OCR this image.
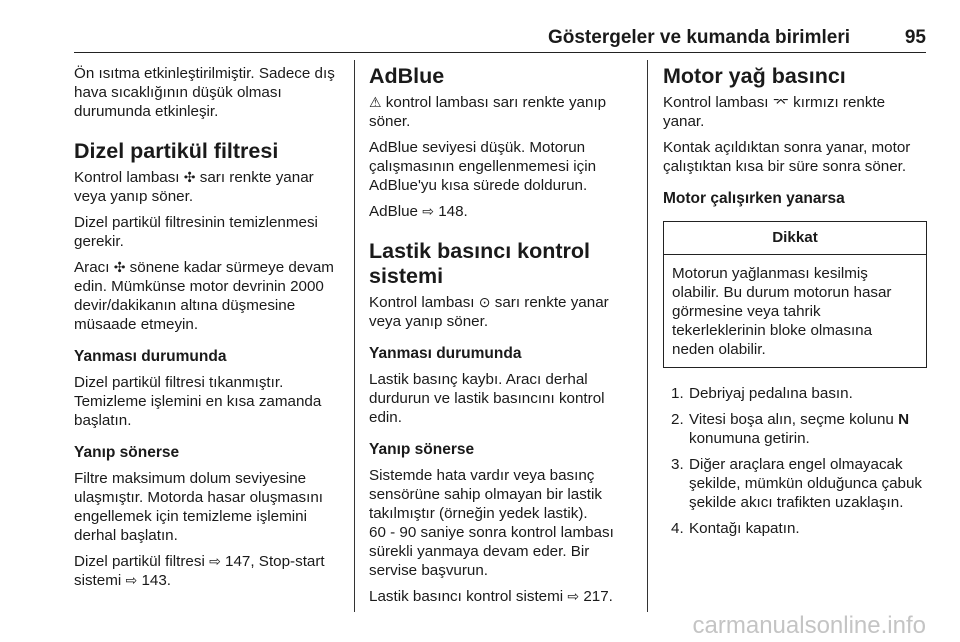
Göstergeler ve kumanda birimleri	95

Ön ısıtma etkinleştirilmiştir. Sadece dış hava sıcaklığının düşük olması durumunda etkinleşir.

Dizel partikül filtresi

Kontrol lambası ✣ sarı renkte yanar veya yanıp söner.

Dizel partikül filtresinin temizlenmesi gerekir.

Aracı ✣ sönene kadar sürmeye devam edin. Mümkünse motor devrinin 2000 devir/dakikanın altına düşmesine müsaade etmeyin.

Yanması durumunda

Dizel partikül filtresi tıkanmıştır. Temizleme işlemini en kısa zamanda başlatın.

Yanıp sönerse

Filtre maksimum dolum seviyesine ulaşmıştır. Motorda hasar oluşmasını engellemek için temizleme işlemini derhal başlatın.

Dizel partikül filtresi ⇨ 147, Stop-start sistemi ⇨ 143.

AdBlue

⚠ kontrol lambası sarı renkte yanıp söner.

AdBlue seviyesi düşük. Motorun çalışmasının engellenmemesi için AdBlue'yu kısa sürede doldurun.

AdBlue ⇨ 148.

Lastik basıncı kontrol sistemi

Kontrol lambası ⊙ sarı renkte yanar veya yanıp söner.

Yanması durumunda

Lastik basınç kaybı. Aracı derhal durdurun ve lastik basıncını kontrol edin.

Yanıp sönerse

Sistemde hata vardır veya basınç sensörüne sahip olmayan bir lastik takılmıştır (örneğin yedek lastik).

60 - 90 saniye sonra kontrol lambası sürekli yanmaya devam eder. Bir servise başvurun.

Lastik basıncı kontrol sistemi ⇨ 217.

Motor yağ basıncı

Kontrol lambası ⌤ kırmızı renkte yanar.

Kontak açıldıktan sonra yanar, motor çalıştıktan kısa bir süre sonra söner.

Motor çalışırken yanarsa
Dikkat
Motorun yağlanması kesilmiş olabilir. Bu durum motorun hasar görmesine veya tahrik tekerleklerinin bloke olmasına neden olabilir.
1. Debriyaj pedalına basın.
2. Vitesi boşa alın, seçme kolunu N konumuna getirin.
3. Diğer araçlara engel olmayacak şekilde, mümkün olduğunca çabuk şekilde akıcı trafikten uzaklaşın.
4. Kontağı kapatın.
carmanualsonline.info
